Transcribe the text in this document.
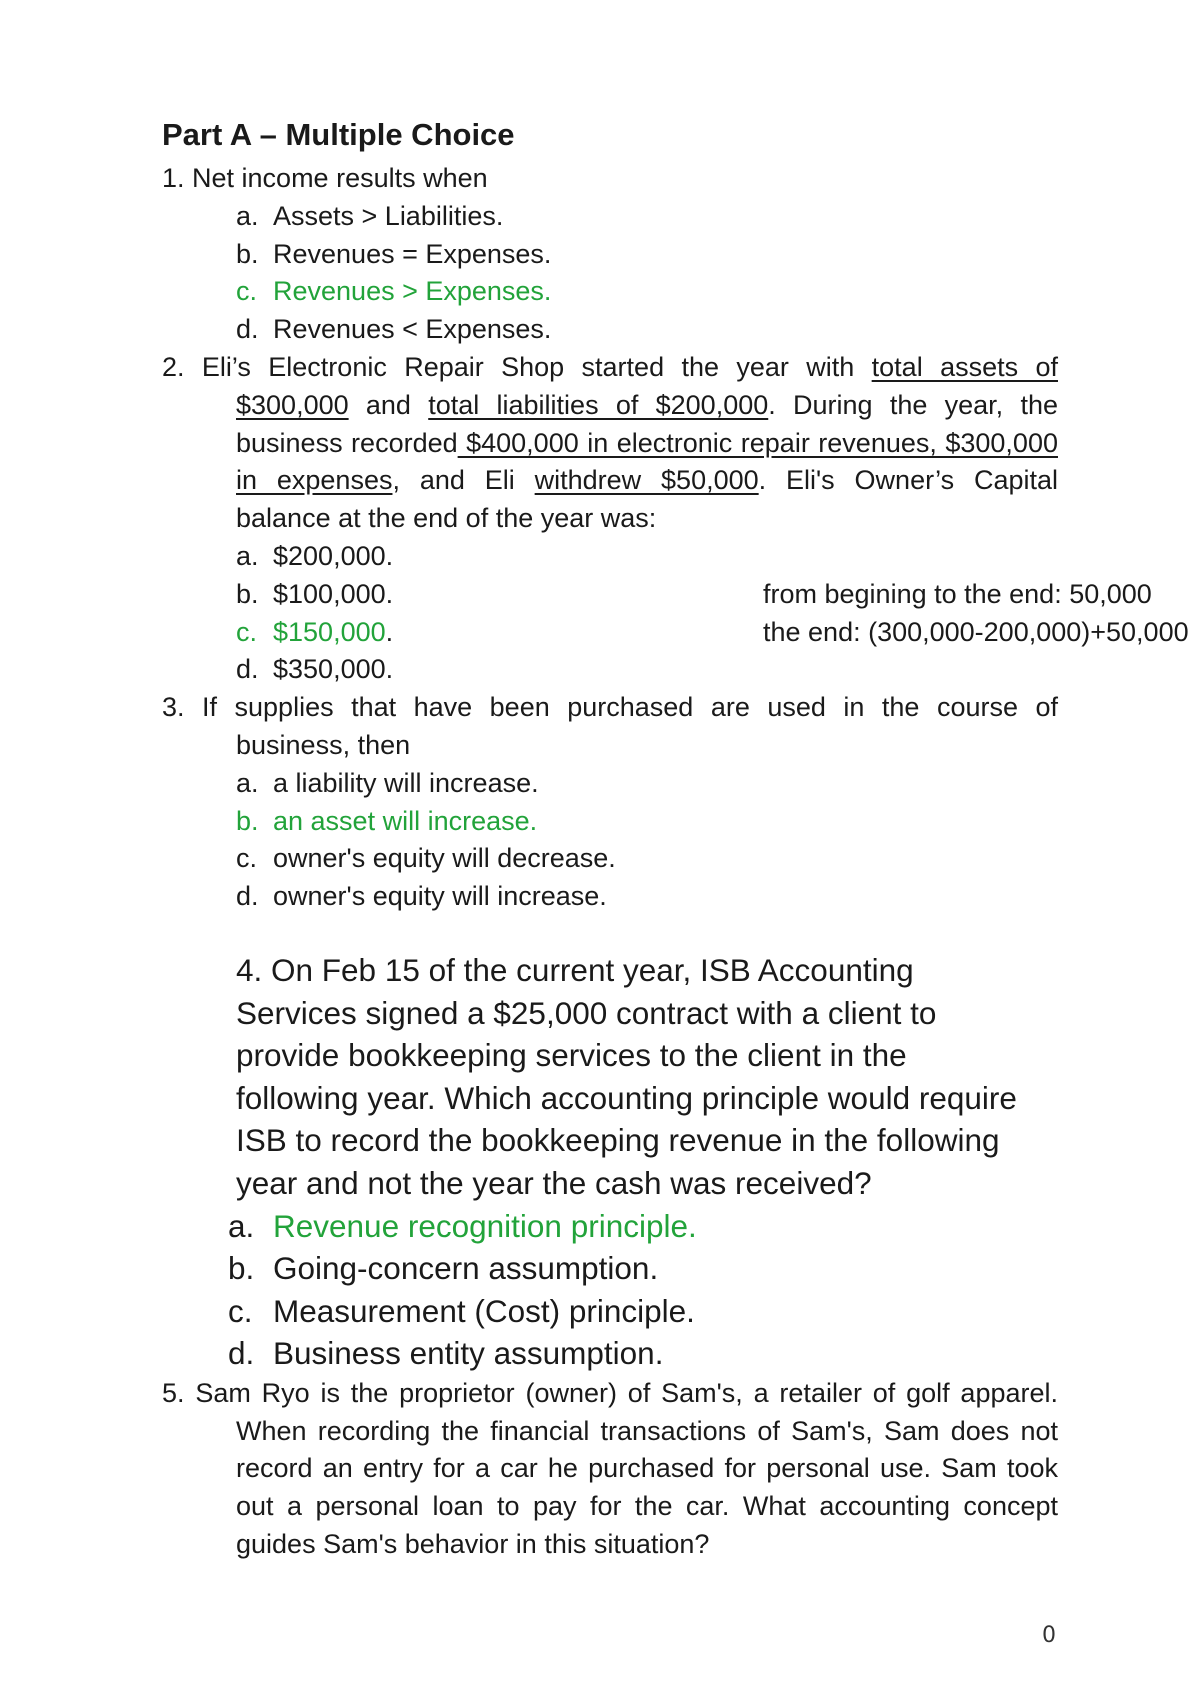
Part A – Multiple Choice
1. Net income results when
a. Assets > Liabilities.
b. Revenues = Expenses.
c. Revenues > Expenses.
d. Revenues < Expenses.
2. Eli’s Electronic Repair Shop started the year with total assets of $300,000 and total liabilities of $200,000. During the year, the business recorded $400,000 in electronic repair revenues, $300,000 in expenses, and Eli withdrew $50,000. Eli's Owner’s Capital balance at the end of the year was:
a. $200,000.
b. $100,000.	from begining to the end: 50,000
c. $150,000.	the end: (300,000-200,000)+50,000
d. $350,000.
3. If supplies that have been purchased are used in the course of business, then
a. a liability will increase.
b. an asset will increase.
c. owner's equity will decrease.
d. owner's equity will increase.
4. On Feb 15 of the current year, ISB Accounting
Services signed a $25,000 contract with a client to
provide bookkeeping services to the client in the
following year. Which accounting principle would require
ISB to record the bookkeeping revenue in the following
year and not the year the cash was received?
a. Revenue recognition principle.
b. Going-concern assumption.
c. Measurement (Cost) principle.
d. Business entity assumption.
5. Sam Ryo is the proprietor (owner) of Sam's, a retailer of golf apparel. When recording the financial transactions of Sam's, Sam does not record an entry for a car he purchased for personal use. Sam took out a personal loan to pay for the car. What accounting concept guides Sam's behavior in this situation?
0
